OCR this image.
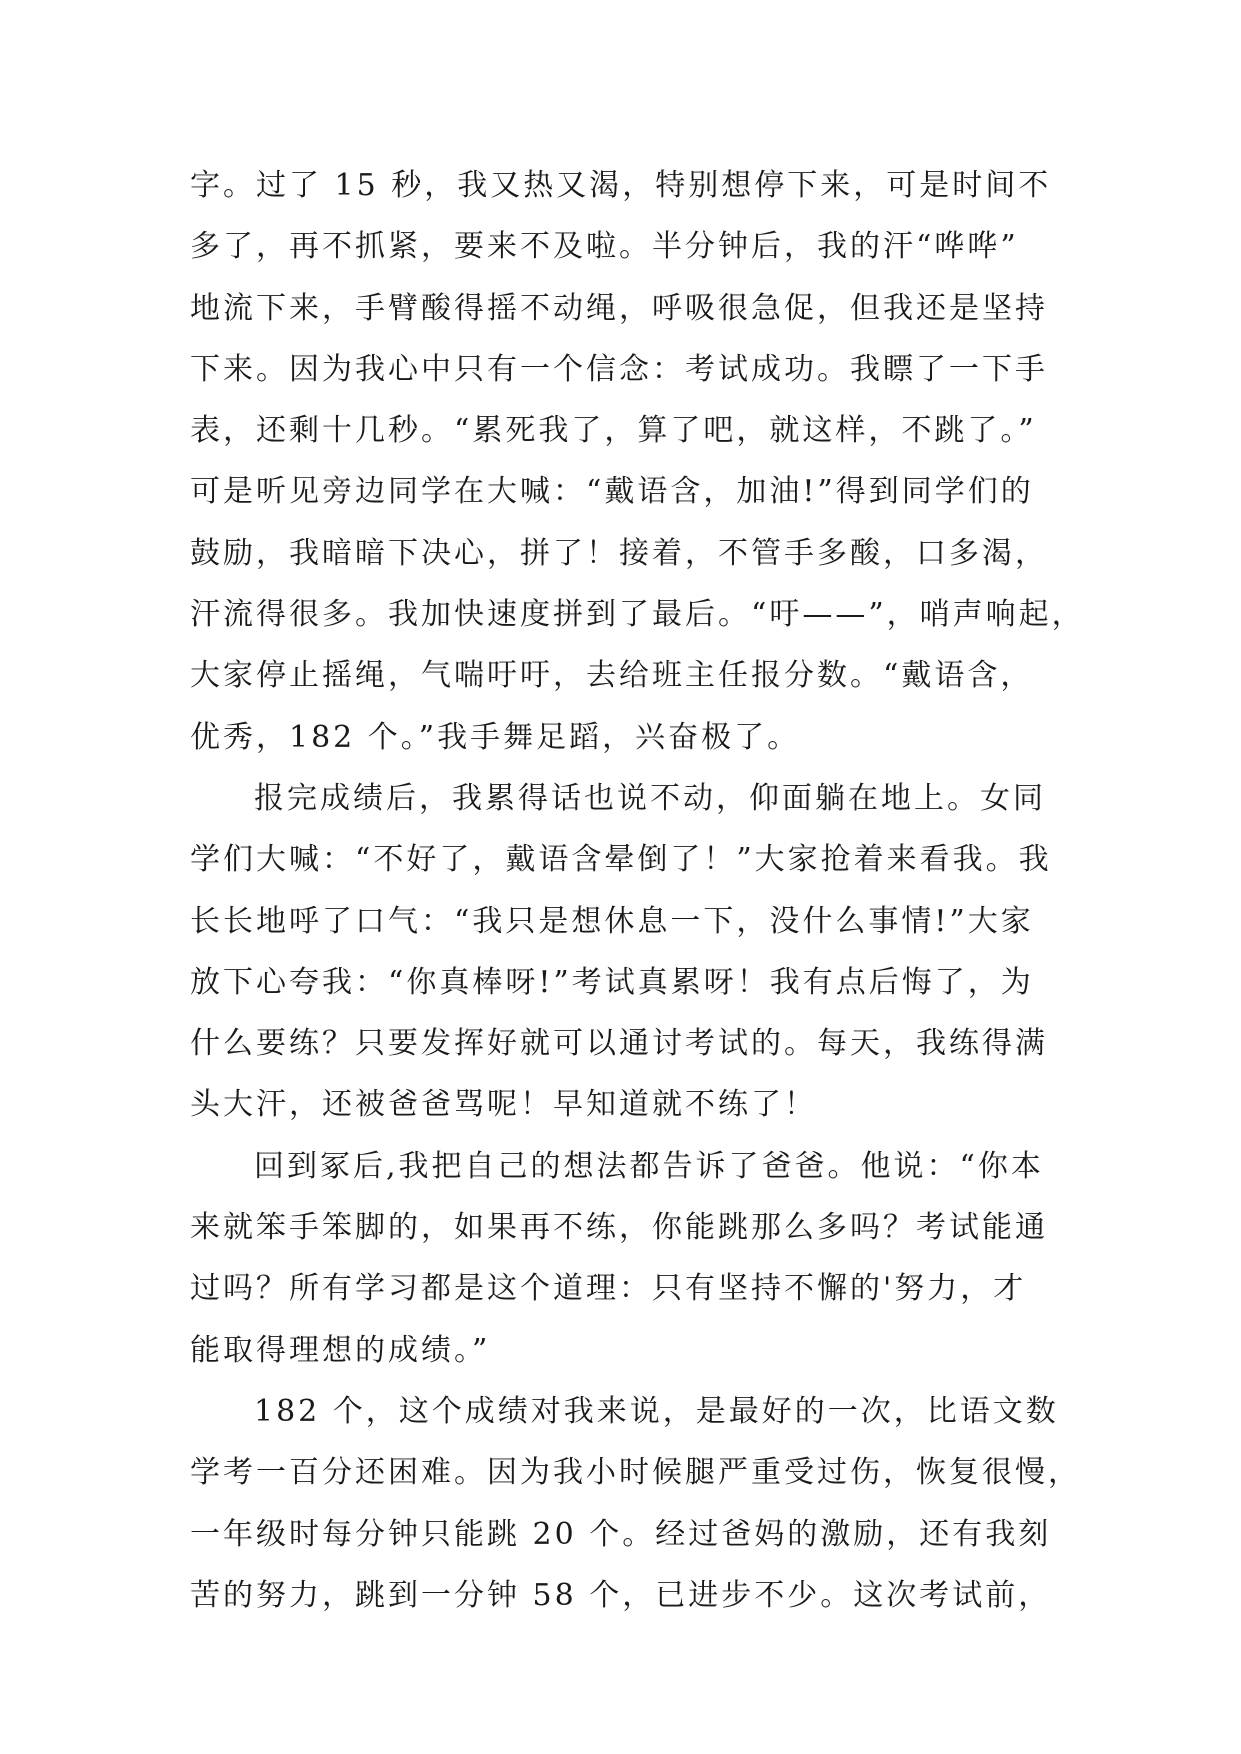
字。过了 15 秒，我又热又渴，特别想停下来，可是时间不
多了，再不抓紧，要来不及啦。半分钟后，我的汗“哗哗”
地流下来，手臂酸得摇不动绳，呼吸很急促，但我还是坚持
下来。因为我心中只有一个信念：考试成功。我瞟了一下手
表，还剩十几秒。“累死我了，算了吧，就这样，不跳了。”
可是听见旁边同学在大喊：“戴语含，加油!”得到同学们的
鼓励，我暗暗下决心，拼了！接着，不管手多酸，口多渴，
汗流得很多。我加快速度拼到了最后。“吁——”，哨声响起，
大家停止摇绳，气喘吁吁，去给班主任报分数。“戴语含，
优秀，182 个。”我手舞足蹈，兴奋极了。
报完成绩后，我累得话也说不动，仰面躺在地上。女同
学们大喊：“不好了，戴语含晕倒了！”大家抢着来看我。我
长长地呼了口气：“我只是想休息一下，没什么事情!”大家
放下心夸我：“你真棒呀!”考试真累呀！我有点后悔了，为
什么要练？只要发挥好就可以通讨考试的。每天，我练得满
头大汗，还被爸爸骂呢！早知道就不练了！
回到冢后,我把自己的想法都告诉了爸爸。他说：“你本
来就笨手笨脚的，如果再不练，你能跳那么多吗？考试能通
过吗？所有学习都是这个道理：只有坚持不懈的'努力，才
能取得理想的成绩。”
182 个，这个成绩对我来说，是最好的一次，比语文数
学考一百分还困难。因为我小时候腿严重受过伤，恢复很慢，
一年级时每分钟只能跳 20 个。经过爸妈的激励，还有我刻
苦的努力，跳到一分钟 58 个，已进步不少。这次考试前，
